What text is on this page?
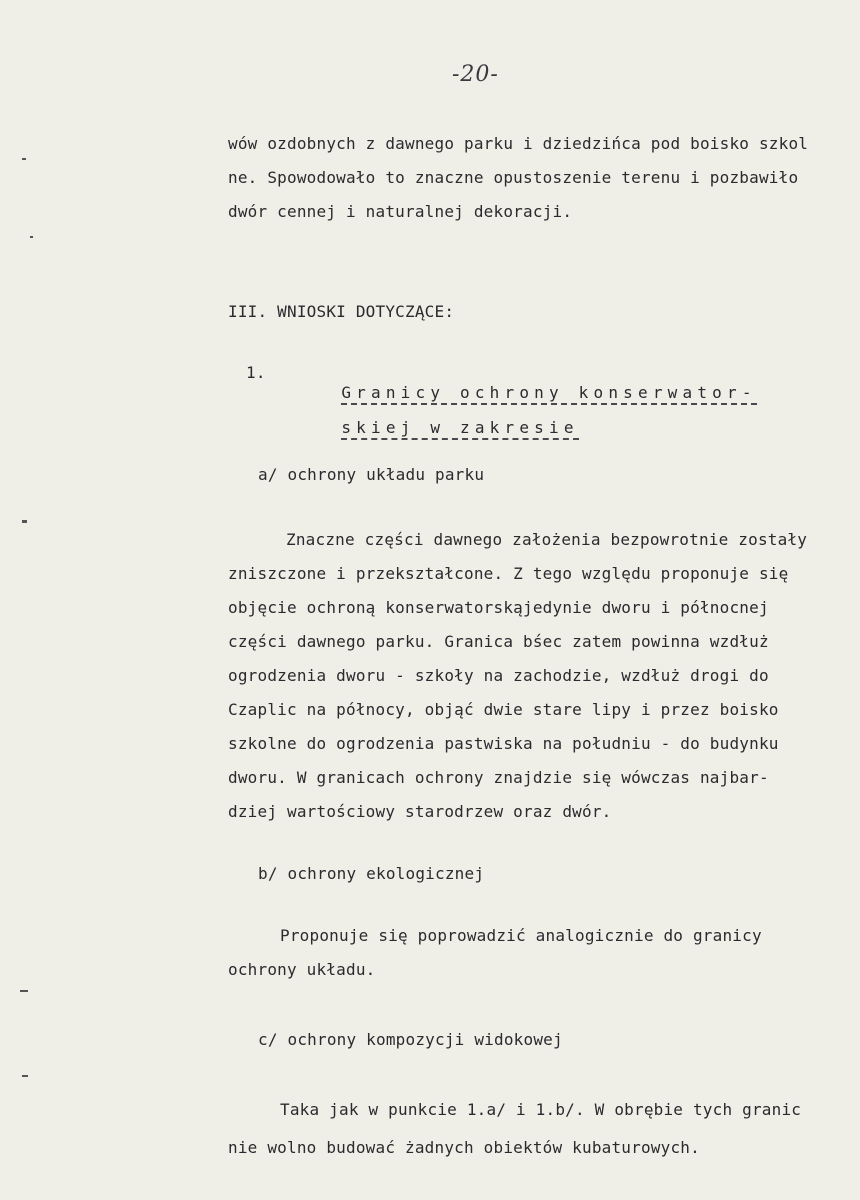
-20-
wów ozdobnych z dawnego parku i dziedzińca pod boisko szkol
ne. Spowodowało to znaczne opustoszenie terenu i pozbawiło
dwór cennej i naturalnej dekoracji.
III. WNIOSKI DOTYCZĄCE:
1.

Granicy ochrony konserwator-

skiej w zakresie

a/ ochrony układu parku
Znaczne części dawnego założenia bezpowrotnie zostały
zniszczone i przekształcone. Z tego względu proponuje się
objęcie ochroną konserwatorskąjedynie dworu i północnej
części dawnego parku. Granica bśec zatem powinna wzdłuż
ogrodzenia dworu - szkoły na zachodzie, wzdłuż drogi do
Czaplic na północy, objąć dwie stare lipy i przez boisko
szkolne do ogrodzenia pastwiska na południu - do budynku
dworu. W granicach ochrony znajdzie się wówczas najbar-
dziej wartościowy starodrzew oraz dwór.
b/ ochrony ekologicznej
Proponuje się poprowadzić analogicznie do granicy
ochrony układu.
c/ ochrony kompozycji widokowej
Taka jak w punkcie 1.a/ i 1.b/. W obrębie tych granic
nie wolno budować żadnych obiektów kubaturowych.
